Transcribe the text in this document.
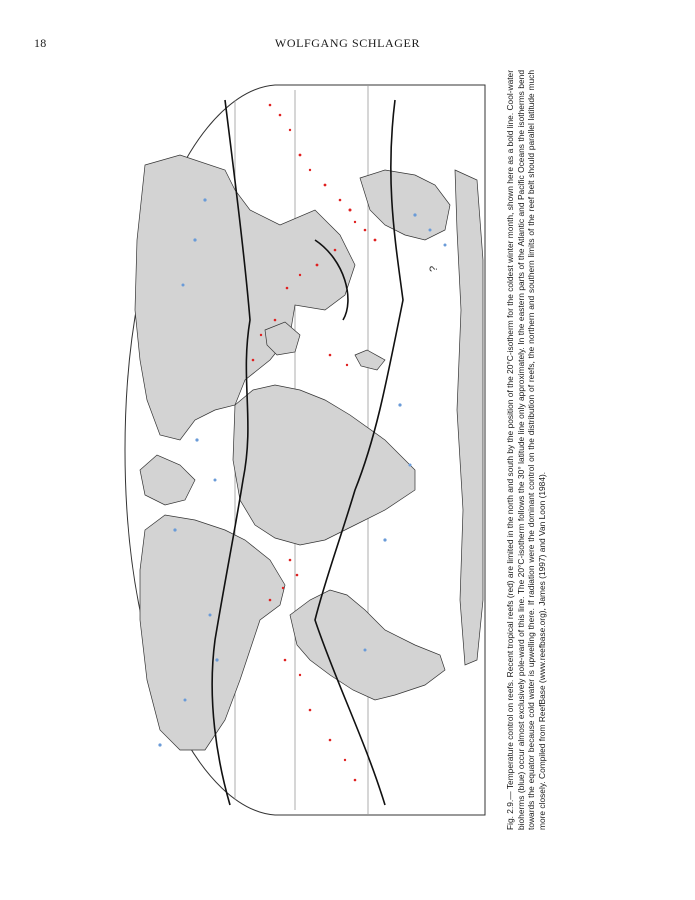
18	WOLFGANG SCHLAGER
?	Fig. 2.9.— Temperature control on reefs. Recent tropical reefs (red) are limited in the north and south by the position of the 20°C-isotherm for the coldest winter month, shown here as a bold line. Cool-water bioherms (blue) occur almost exclusively pole-ward of this line. The 20°C-isotherm follows the 30° latitude line only approximately. In the eastern parts of the Atlantic and Pacific Oceans the isotherms bend towards the equator because cold water is upwelling there. If radiation were the dominant control on the distribution of reefs, the northern and southern limits of the reef belt should parallel latitude much more closely. Compiled from ReefBase (www.reefbase.org), James (1997) and Van Loon (1984).
